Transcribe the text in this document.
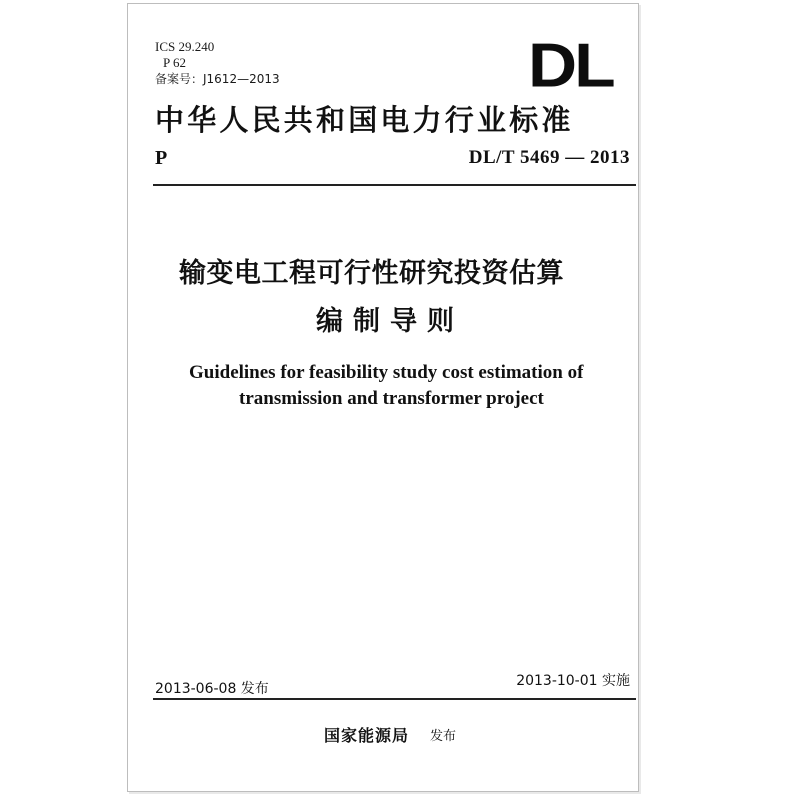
ICS 29.240

P 62

备案号：J1612—2013	DL
中华人民共和国电力行业标准
P	DL/T 5469 — 2013
输变电工程可行性研究投资估算
编制导则

Guidelines for feasibility study cost estimation of

transmission and transformer project

2013-06-08 发布	2013-10-01 实施
国家能源局 发布
